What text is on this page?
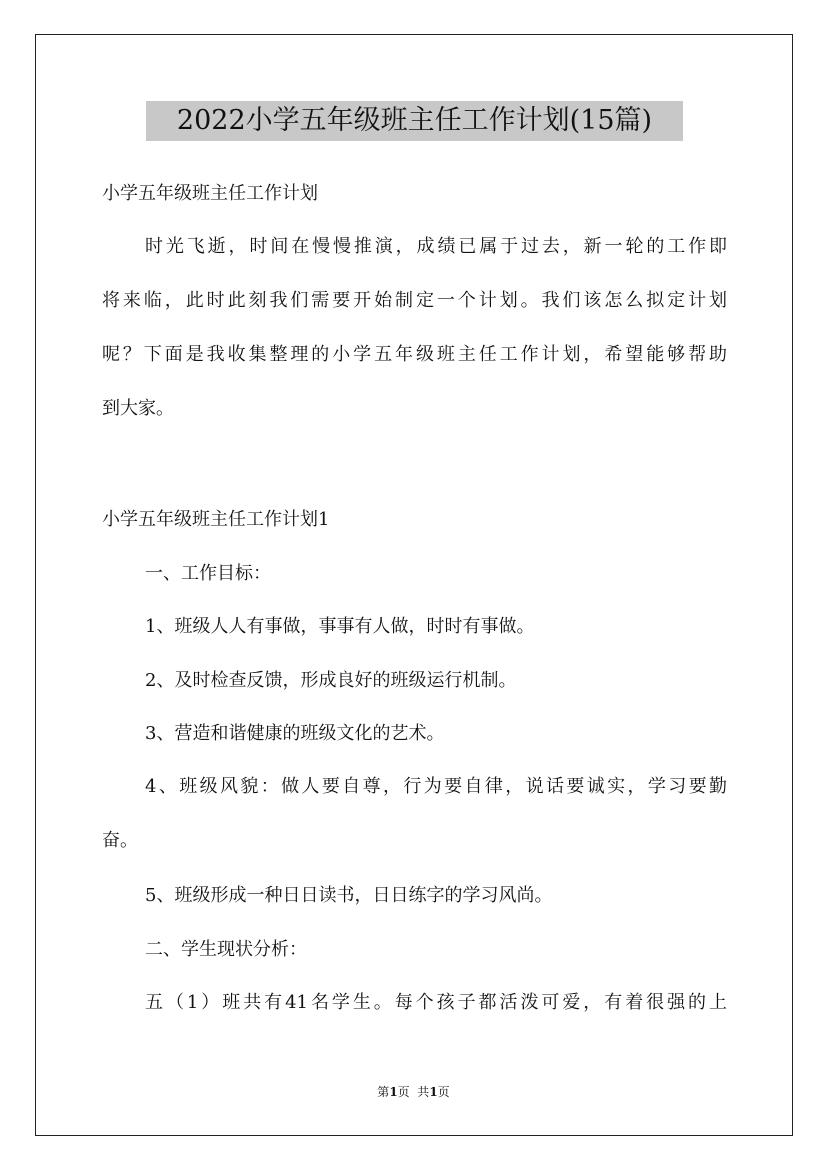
2022小学五年级班主任工作计划(15篇)
小学五年级班主任工作计划
时光飞逝，时间在慢慢推演，成绩已属于过去，新一轮的工作即
将来临，此时此刻我们需要开始制定一个计划。我们该怎么拟定计划
呢？下面是我收集整理的小学五年级班主任工作计划，希望能够帮助
到大家。
小学五年级班主任工作计划1
一、工作目标：
1、班级人人有事做，事事有人做，时时有事做。
2、及时检查反馈，形成良好的班级运行机制。
3、营造和谐健康的班级文化的艺术。
4、班级风貌：做人要自尊，行为要自律，说话要诚实，学习要勤
奋。
5、班级形成一种日日读书，日日练字的学习风尚。
二、学生现状分析：
五（1）班共有41名学生。每个孩子都活泼可爱，有着很强的上
第1页  共1页
